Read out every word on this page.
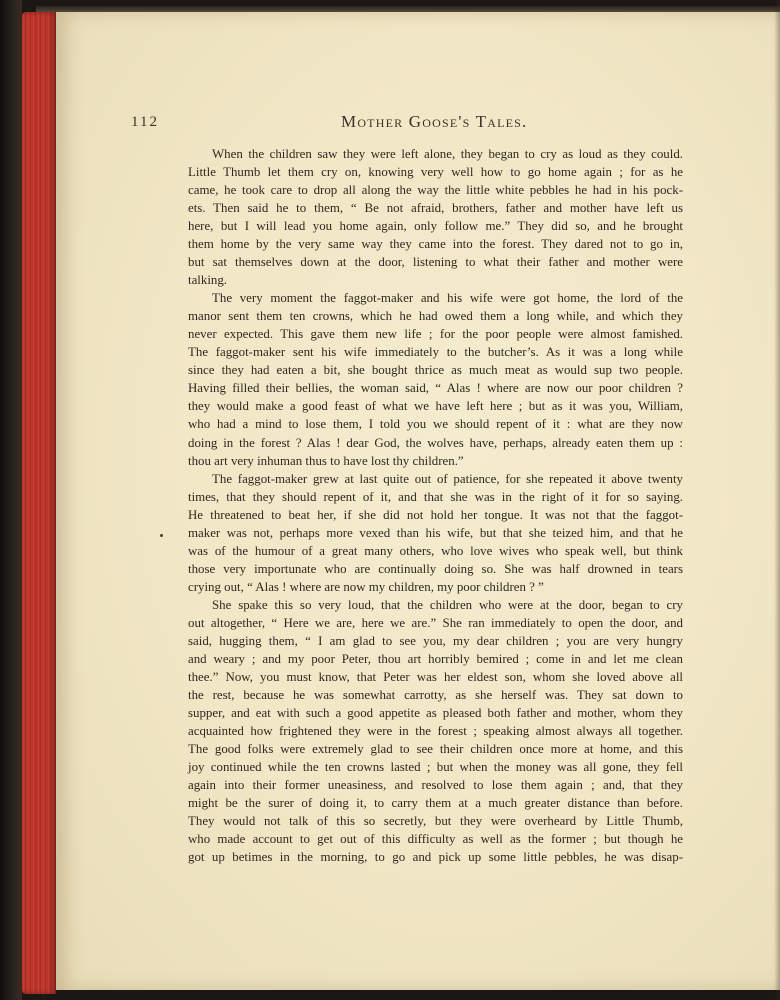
112	Mother Goose's Tales.

When the children saw they were left alone, they began to cry as loud as they could.

Little Thumb let them cry on, knowing very well how to go home again ; for as he

came, he took care to drop all along the way the little white pebbles he had in his pock-

ets. Then said he to them, “ Be not afraid, brothers, father and mother have left us

here, but I will lead you home again, only follow me.” They did so, and he brought

them home by the very same way they came into the forest. They dared not to go in,

but sat themselves down at the door, listening to what their father and mother were

talking.

The very moment the faggot-maker and his wife were got home, the lord of the

manor sent them ten crowns, which he had owed them a long while, and which they

never expected. This gave them new life ; for the poor people were almost famished.

The faggot-maker sent his wife immediately to the butcher’s. As it was a long while

since they had eaten a bit, she bought thrice as much meat as would sup two people.

Having filled their bellies, the woman said, “ Alas ! where are now our poor children ?

they would make a good feast of what we have left here ; but as it was you, William,

who had a mind to lose them, I told you we should repent of it : what are they now

doing in the forest ? Alas ! dear God, the wolves have, perhaps, already eaten them up :

thou art very inhuman thus to have lost thy children.”

The faggot-maker grew at last quite out of patience, for she repeated it above twenty

times, that they should repent of it, and that she was in the right of it for so saying.

He threatened to beat her, if she did not hold her tongue. It was not that the faggot-

maker was not, perhaps more vexed than his wife, but that she teized him, and that he

was of the humour of a great many others, who love wives who speak well, but think

those very importunate who are continually doing so. She was half drowned in tears

crying out, “ Alas ! where are now my children, my poor children ? ”

She spake this so very loud, that the children who were at the door, began to cry

out altogether, “ Here we are, here we are.” She ran immediately to open the door, and

said, hugging them, “ I am glad to see you, my dear children ; you are very hungry

and weary ; and my poor Peter, thou art horribly bemired ; come in and let me clean

thee.” Now, you must know, that Peter was her eldest son, whom she loved above all

the rest, because he was somewhat carrotty, as she herself was. They sat down to

supper, and eat with such a good appetite as pleased both father and mother, whom they

acquainted how frightened they were in the forest ; speaking almost always all together.

The good folks were extremely glad to see their children once more at home, and this

joy continued while the ten crowns lasted ; but when the money was all gone, they fell

again into their former uneasiness, and resolved to lose them again ; and, that they

might be the surer of doing it, to carry them at a much greater distance than before.

They would not talk of this so secretly, but they were overheard by Little Thumb,

who made account to get out of this difficulty as well as the former ; but though he

got up betimes in the morning, to go and pick up some little pebbles, he was disap-
